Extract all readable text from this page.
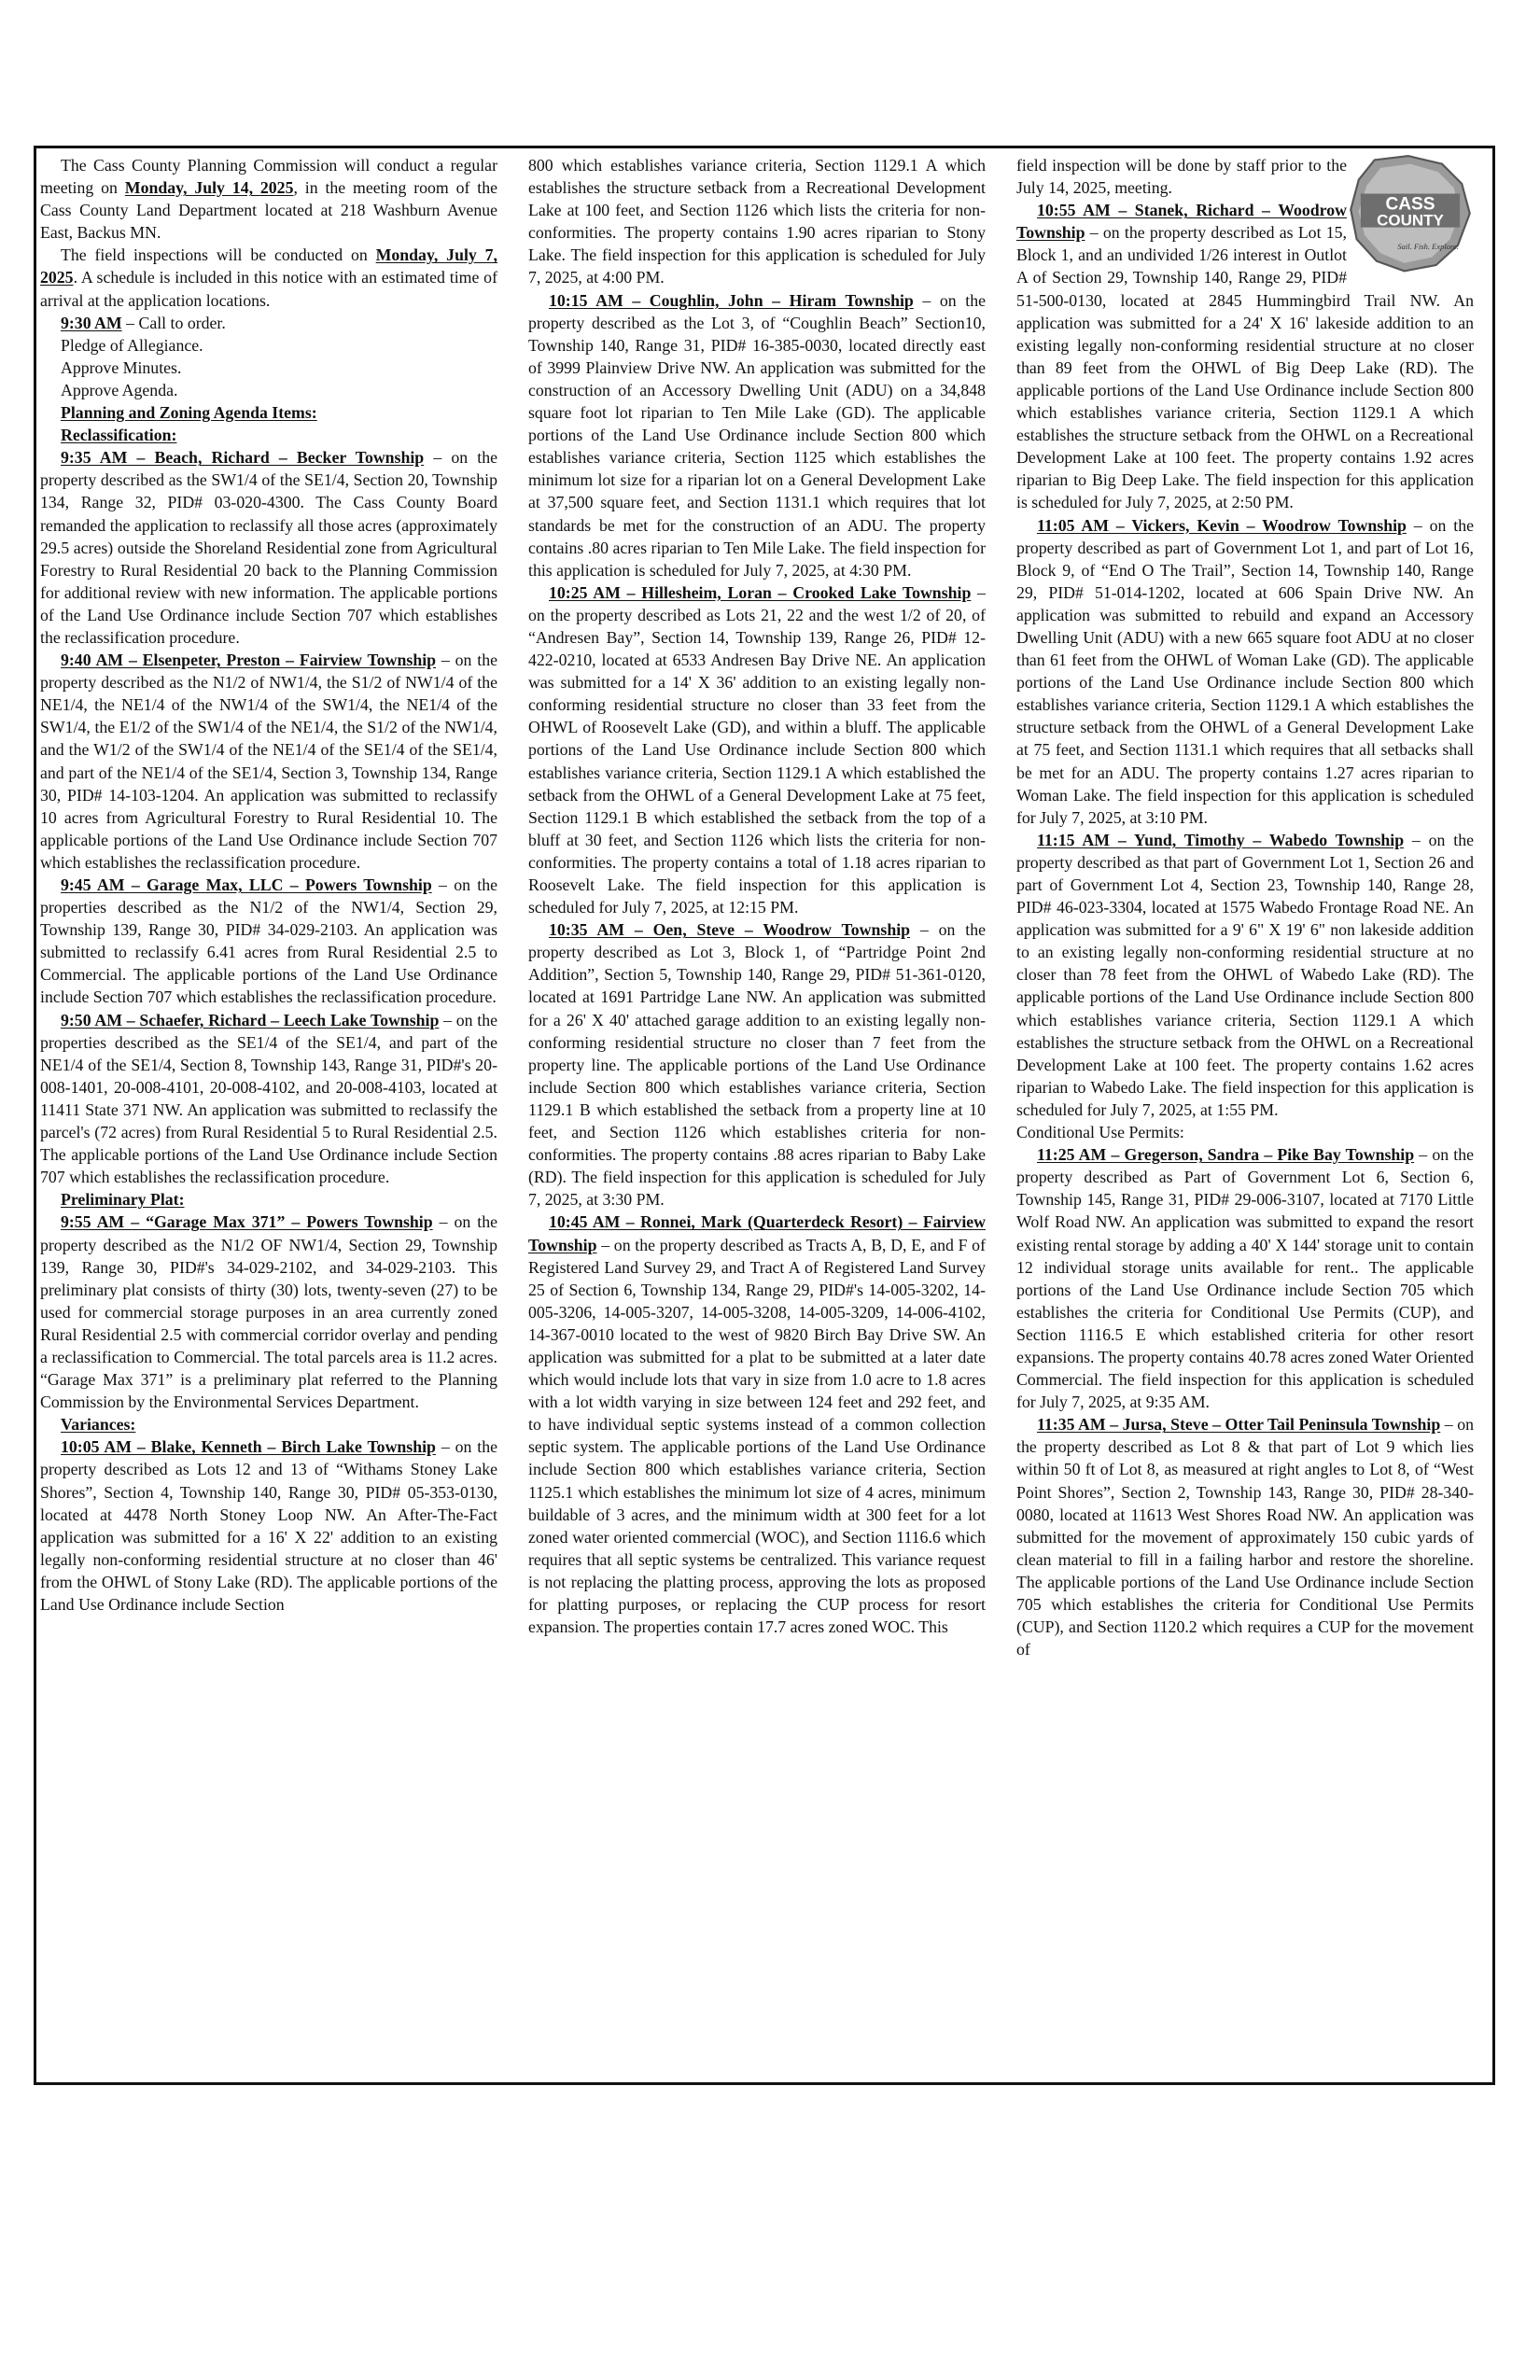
The Cass County Planning Commission will conduct a regular meeting on Monday, July 14, 2025, in the meeting room of the Cass County Land Department located at 218 Washburn Avenue East, Backus MN.

The field inspections will be conducted on Monday, July 7, 2025. A schedule is included in this notice with an estimated time of arrival at the application locations.

9:30 AM – Call to order.

Pledge of Allegiance.

Approve Minutes.

Approve Agenda.

Planning and Zoning Agenda Items:

Reclassification:

9:35 AM – Beach, Richard – Becker Township – on the property described as the SW1/4 of the SE1/4, Section 20, Township 134, Range 32, PID# 03-020-4300. The Cass County Board remanded the application to reclassify all those acres (approximately 29.5 acres) outside the Shoreland Residential zone from Agricultural Forestry to Rural Residential 20 back to the Planning Commission for additional review with new information. The applicable portions of the Land Use Ordinance include Section 707 which establishes the reclassification procedure.

9:40 AM – Elsenpeter, Preston – Fairview Township – on the property described as the N1/2 of NW1/4, the S1/2 of NW1/4 of the NE1/4, the NE1/4 of the NW1/4 of the SW1/4, the NE1/4 of the SW1/4, the E1/2 of the SW1/4 of the NE1/4, the S1/2 of the NW1/4, and the W1/2 of the SW1/4 of the NE1/4 of the SE1/4 of the SE1/4, and part of the NE1/4 of the SE1/4, Section 3, Township 134, Range 30, PID# 14-103-1204. An application was submitted to reclassify 10 acres from Agricultural Forestry to Rural Residential 10. The applicable portions of the Land Use Ordinance include Section 707 which establishes the reclassification procedure.

9:45 AM – Garage Max, LLC – Powers Township – on the properties described as the N1/2 of the NW1/4, Section 29, Township 139, Range 30, PID# 34-029-2103. An application was submitted to reclassify 6.41 acres from Rural Residential 2.5 to Commercial. The applicable portions of the Land Use Ordinance include Section 707 which establishes the reclassification procedure.

9:50 AM – Schaefer, Richard – Leech Lake Township – on the properties described as the SE1/4 of the SE1/4, and part of the NE1/4 of the SE1/4, Section 8, Township 143, Range 31, PID#'s 20-008-1401, 20-008-4101, 20-008-4102, and 20-008-4103, located at 11411 State 371 NW. An application was submitted to reclassify the parcel's (72 acres) from Rural Residential 5 to Rural Residential 2.5. The applicable portions of the Land Use Ordinance include Section 707 which establishes the reclassification procedure.

Preliminary Plat:

9:55 AM – “Garage Max 371” – Powers Township – on the property described as the N1/2 OF NW1/4, Section 29, Township 139, Range 30, PID#'s 34-029-2102, and 34-029-2103. This preliminary plat consists of thirty (30) lots, twenty-seven (27) to be used for commercial storage purposes in an area currently zoned Rural Residential 2.5 with commercial corridor overlay and pending a reclassification to Commercial. The total parcels area is 11.2 acres. “Garage Max 371” is a preliminary plat referred to the Planning Commission by the Environmental Services Department.

Variances:

10:05 AM – Blake, Kenneth – Birch Lake Township – on the property described as Lots 12 and 13 of “Withams Stoney Lake Shores”, Section 4, Township 140, Range 30, PID# 05-353-0130, located at 4478 North Stoney Loop NW. An After-The-Fact application was submitted for a 16' X 22' addition to an existing legally non-conforming residential structure at no closer than 46' from the OHWL of Stony Lake (RD). The applicable portions of the Land Use Ordinance include Section

800 which establishes variance criteria, Section 1129.1 A which establishes the structure setback from a Recreational Development Lake at 100 feet, and Section 1126 which lists the criteria for non-conformities. The property contains 1.90 acres riparian to Stony Lake. The field inspection for this application is scheduled for July 7, 2025, at 4:00 PM.

10:15 AM – Coughlin, John – Hiram Township – on the property described as the Lot 3, of “Coughlin Beach” Section10, Township 140, Range 31, PID# 16-385-0030, located directly east of 3999 Plainview Drive NW. An application was submitted for the construction of an Accessory Dwelling Unit (ADU) on a 34,848 square foot lot riparian to Ten Mile Lake (GD). The applicable portions of the Land Use Ordinance include Section 800 which establishes variance criteria, Section 1125 which establishes the minimum lot size for a riparian lot on a General Development Lake at 37,500 square feet, and Section 1131.1 which requires that lot standards be met for the construction of an ADU. The property contains .80 acres riparian to Ten Mile Lake. The field inspection for this application is scheduled for July 7, 2025, at 4:30 PM.

10:25 AM – Hillesheim, Loran – Crooked Lake Township – on the property described as Lots 21, 22 and the west 1/2 of 20, of “Andresen Bay”, Section 14, Township 139, Range 26, PID# 12-422-0210, located at 6533 Andresen Bay Drive NE. An application was submitted for a 14' X 36' addition to an existing legally non-conforming residential structure no closer than 33 feet from the OHWL of Roosevelt Lake (GD), and within a bluff. The applicable portions of the Land Use Ordinance include Section 800 which establishes variance criteria, Section 1129.1 A which established the setback from the OHWL of a General Development Lake at 75 feet, Section 1129.1 B which established the setback from the top of a bluff at 30 feet, and Section 1126 which lists the criteria for non-conformities. The property contains a total of 1.18 acres riparian to Roosevelt Lake. The field inspection for this application is scheduled for July 7, 2025, at 12:15 PM.

10:35 AM – Oen, Steve – Woodrow Township – on the property described as Lot 3, Block 1, of “Partridge Point 2nd Addition”, Section 5, Township 140, Range 29, PID# 51-361-0120, located at 1691 Partridge Lane NW. An application was submitted for a 26' X 40' attached garage addition to an existing legally non-conforming residential structure no closer than 7 feet from the property line. The applicable portions of the Land Use Ordinance include Section 800 which establishes variance criteria, Section 1129.1 B which established the setback from a property line at 10 feet, and Section 1126 which establishes criteria for non-conformities. The property contains .88 acres riparian to Baby Lake (RD). The field inspection for this application is scheduled for July 7, 2025, at 3:30 PM.

10:45 AM – Ronnei, Mark (Quarterdeck Resort) – Fairview Township – on the property described as Tracts A, B, D, E, and F of Registered Land Survey 29, and Tract A of Registered Land Survey 25 of Section 6, Township 134, Range 29, PID#'s 14-005-3202, 14-005-3206, 14-005-3207, 14-005-3208, 14-005-3209, 14-006-4102, 14-367-0010 located to the west of 9820 Birch Bay Drive SW. An application was submitted for a plat to be submitted at a later date which would include lots that vary in size from 1.0 acre to 1.8 acres with a lot width varying in size between 124 feet and 292 feet, and to have individual septic systems instead of a common collection septic system. The applicable portions of the Land Use Ordinance include Section 800 which establishes variance criteria, Section 1125.1 which establishes the minimum lot size of 4 acres, minimum buildable of 3 acres, and the minimum width at 300 feet for a lot zoned water oriented commercial (WOC), and Section 1116.6 which requires that all septic systems be centralized. This variance request is not replacing the platting process, approving the lots as proposed for platting purposes, or replacing the CUP process for resort expansion. The properties contain 17.7 acres zoned WOC. This

CASS
COUNTY
Sail. Fish. Explore.

field inspection will be done by staff prior to the July 14, 2025, meeting.

10:55 AM – Stanek, Richard – Woodrow Township – on the property described as Lot 15, Block 1, and an undivided 1/26 interest in Outlot A of Section 29, Township 140, Range 29, PID# 51-500-0130, located at 2845 Hummingbird Trail NW. An application was submitted for a 24' X 16' lakeside addition to an existing legally non-conforming residential structure at no closer than 89 feet from the OHWL of Big Deep Lake (RD). The applicable portions of the Land Use Ordinance include Section 800 which establishes variance criteria, Section 1129.1 A which establishes the structure setback from the OHWL on a Recreational Development Lake at 100 feet. The property contains 1.92 acres riparian to Big Deep Lake. The field inspection for this application is scheduled for July 7, 2025, at 2:50 PM.

11:05 AM – Vickers, Kevin – Woodrow Township – on the property described as part of Government Lot 1, and part of Lot 16, Block 9, of “End O The Trail”, Section 14, Township 140, Range 29, PID# 51-014-1202, located at 606 Spain Drive NW. An application was submitted to rebuild and expand an Accessory Dwelling Unit (ADU) with a new 665 square foot ADU at no closer than 61 feet from the OHWL of Woman Lake (GD). The applicable portions of the Land Use Ordinance include Section 800 which establishes variance criteria, Section 1129.1 A which establishes the structure setback from the OHWL of a General Development Lake at 75 feet, and Section 1131.1 which requires that all setbacks shall be met for an ADU. The property contains 1.27 acres riparian to Woman Lake. The field inspection for this application is scheduled for July 7, 2025, at 3:10 PM.

11:15 AM – Yund, Timothy – Wabedo Township – on the property described as that part of Government Lot 1, Section 26 and part of Government Lot 4, Section 23, Township 140, Range 28, PID# 46-023-3304, located at 1575 Wabedo Frontage Road NE. An application was submitted for a 9' 6" X 19' 6" non lakeside addition to an existing legally non-conforming residential structure at no closer than 78 feet from the OHWL of Wabedo Lake (RD). The applicable portions of the Land Use Ordinance include Section 800 which establishes variance criteria, Section 1129.1 A which establishes the structure setback from the OHWL on a Recreational Development Lake at 100 feet. The property contains 1.62 acres riparian to Wabedo Lake. The field inspection for this application is scheduled for July 7, 2025, at 1:55 PM.

Conditional Use Permits:

11:25 AM – Gregerson, Sandra – Pike Bay Township – on the property described as Part of Government Lot 6, Section 6, Township 145, Range 31, PID# 29-006-3107, located at 7170 Little Wolf Road NW. An application was submitted to expand the resort existing rental storage by adding a 40' X 144' storage unit to contain 12 individual storage units available for rent.. The applicable portions of the Land Use Ordinance include Section 705 which establishes the criteria for Conditional Use Permits (CUP), and Section 1116.5 E which established criteria for other resort expansions. The property contains 40.78 acres zoned Water Oriented Commercial. The field inspection for this application is scheduled for July 7, 2025, at 9:35 AM.

11:35 AM – Jursa, Steve – Otter Tail Peninsula Township – on the property described as Lot 8 & that part of Lot 9 which lies within 50 ft of Lot 8, as measured at right angles to Lot 8, of “West Point Shores”, Section 2, Township 143, Range 30, PID# 28-340-0080, located at 11613 West Shores Road NW. An application was submitted for the movement of approximately 150 cubic yards of clean material to fill in a failing harbor and restore the shoreline. The applicable portions of the Land Use Ordinance include Section 705 which establishes the criteria for Conditional Use Permits (CUP), and Section 1120.2 which requires a CUP for the movement of
